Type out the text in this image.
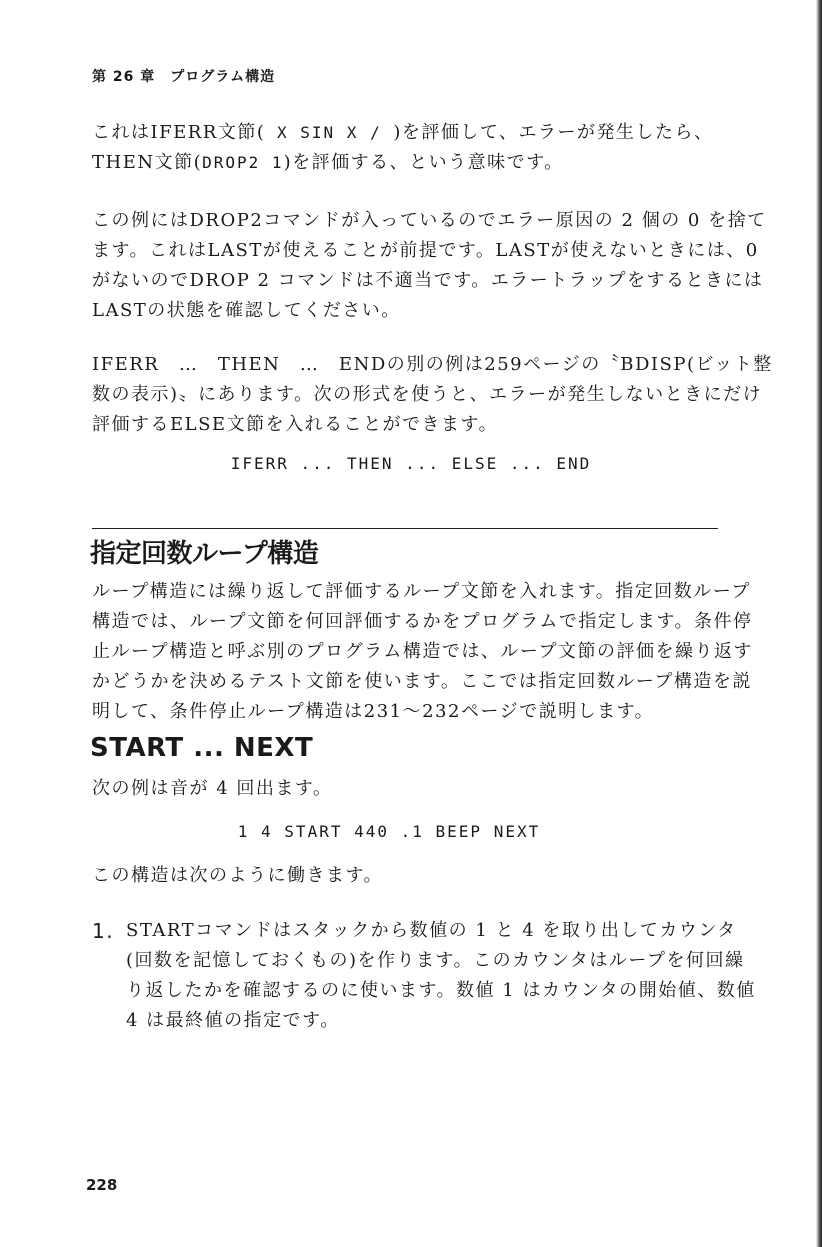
第 26 章　プログラム構造

これはIFERR文節( X SIN X / )を評価して、エラーが発生したら、
THEN文節(DROP2 1)を評価する、という意味です。

この例にはDROP2コマンドが入っているのでエラー原因の 2 個の 0 を捨て
ます。これはLASTが使えることが前提です。LASTが使えないときには、0
がないのでDROP 2 コマンドは不適当です。エラートラップをするときには
LASTの状態を確認してください。

IFERR　…　THEN　…　ENDの別の例は259ページの〝BDISP(ビット整
数の表示)〟にあります。次の形式を使うと、エラーが発生しないときにだけ
評価するELSE文節を入れることができます。

IFERR ... THEN ... ELSE ... END
指定回数ループ構造

ループ構造には繰り返して評価するループ文節を入れます。指定回数ループ
構造では、ループ文節を何回評価するかをプログラムで指定します。条件停
止ループ構造と呼ぶ別のプログラム構造では、ループ文節の評価を繰り返す
かどうかを決めるテスト文節を使います。ここでは指定回数ループ構造を説
明して、条件停止ループ構造は231～232ページで説明します。

START ... NEXT

次の例は音が 4 回出ます。

1 4 START 440 .1 BEEP NEXT

この構造は次のように働きます。

1. STARTコマンドはスタックから数値の 1 と 4 を取り出してカウンタ
(回数を記憶しておくもの)を作ります。このカウンタはループを何回繰
り返したかを確認するのに使います。数値 1 はカウンタの開始値、数値
4 は最終値の指定です。
228
